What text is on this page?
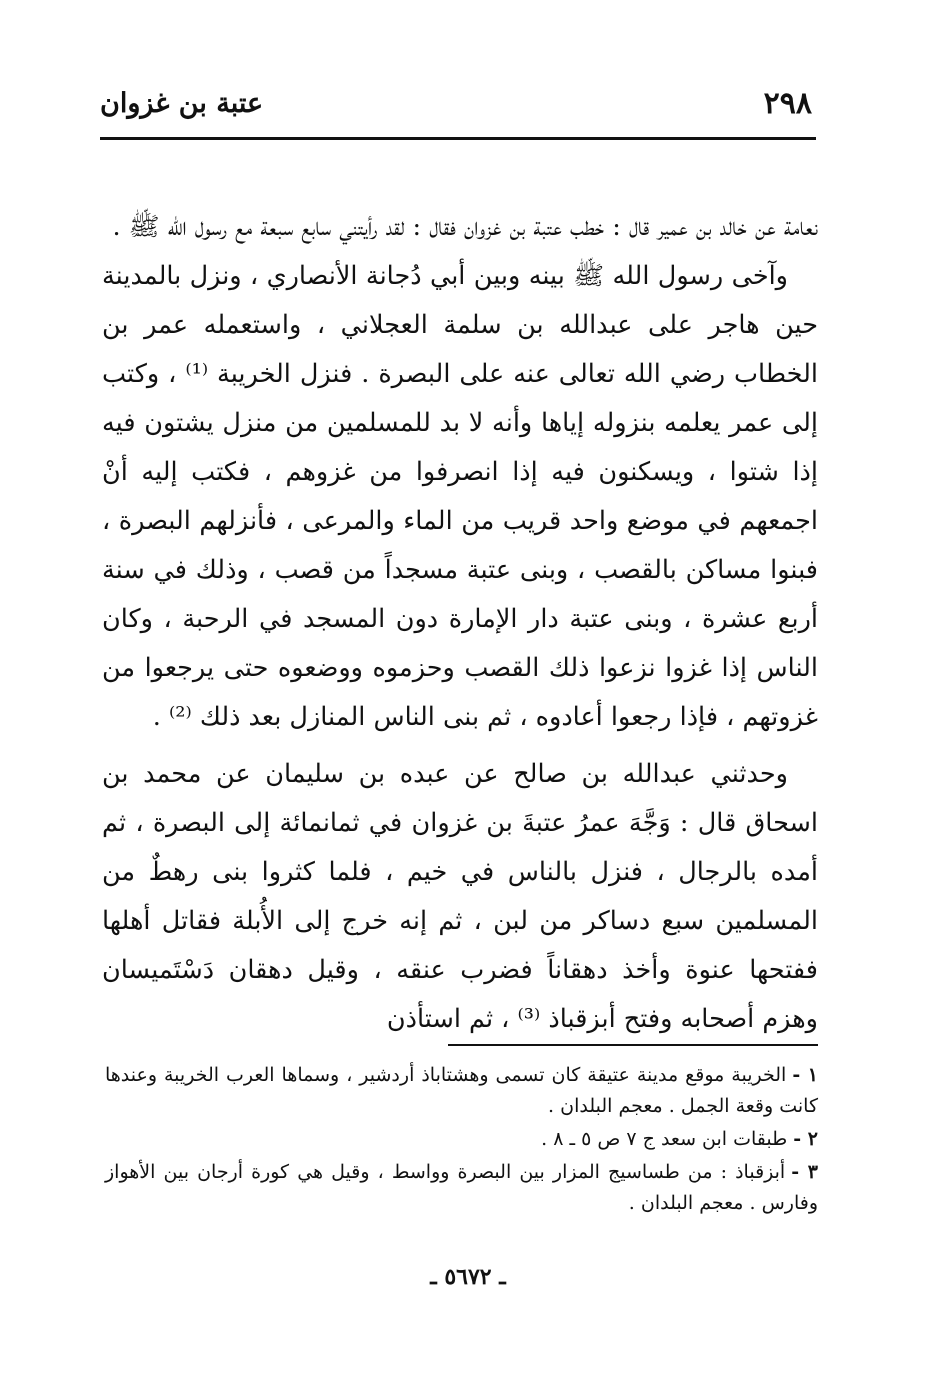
عتبة بن غزوان	٢٩٨

نعامة عن خالد بن عمير قال : خطب عتبة بن غزوان فقال : لقد رأيتني سابع سبعة مع رسول الله ﷺ .

وآخى رسول الله ﷺ بينه وبين أبي دُجانة الأنصاري ، ونزل بالمدينة حين هاجر على عبدالله بن سلمة العجلاني ، واستعمله عمر بن الخطاب رضي الله تعالى عنه على البصرة . فنزل الخريبة ⁽¹⁾ ، وكتب إلى عمر يعلمه بنزوله إياها وأنه لا بد للمسلمين من منزل يشتون فيه إذا شتوا ، ويسكنون فيه إذا انصرفوا من غزوهم ، فكتب إليه أنْ اجمعهم في موضع واحد قريب من الماء والمرعى ، فأنزلهم البصرة ، فبنوا مساكن بالقصب ، وبنى عتبة مسجداً من قصب ، وذلك في سنة أربع عشرة ، وبنى عتبة دار الإمارة دون المسجد في الرحبة ، وكان الناس إذا غزوا نزعوا ذلك القصب وحزموه ووضعوه حتى يرجعوا من غزوتهم ، فإذا رجعوا أعادوه ، ثم بنى الناس المنازل بعد ذلك ⁽²⁾ .

وحدثني عبدالله بن صالح عن عبده بن سليمان عن محمد بن اسحاق قال : وَجَّهَ عمرُ عتبةَ بن غزوان في ثمانمائة إلى البصرة ، ثم أمده بالرجال ، فنزل بالناس في خيم ، فلما كثروا بنى رهطٌ من المسلمين سبع دساكر من لبن ، ثم إنه خرج إلى الأُبلة فقاتل أهلها ففتحها عنوة وأخذ دهقاناً فضرب عنقه ، وقيل دهقان دَسْتَميسان وهزم أصحابه وفتح أبزقباذ ⁽³⁾ ، ثم استأذن

١ -الخريبة موقع مدينة عتيقة كان تسمى وهشتاباذ أردشير ، وسماها العرب الخريبة وعندها كانت وقعة الجمل . معجم البلدان .
٢ -طبقات ابن سعد ج ٧ ص ٥ ـ ٨ .
٣ -أبزقباذ : من طساسيج المزار بين البصرة وواسط ، وقيل هي كورة أرجان بين الأهواز وفارس . معجم البلدان .
ـ ٥٦٧٢ ـ
